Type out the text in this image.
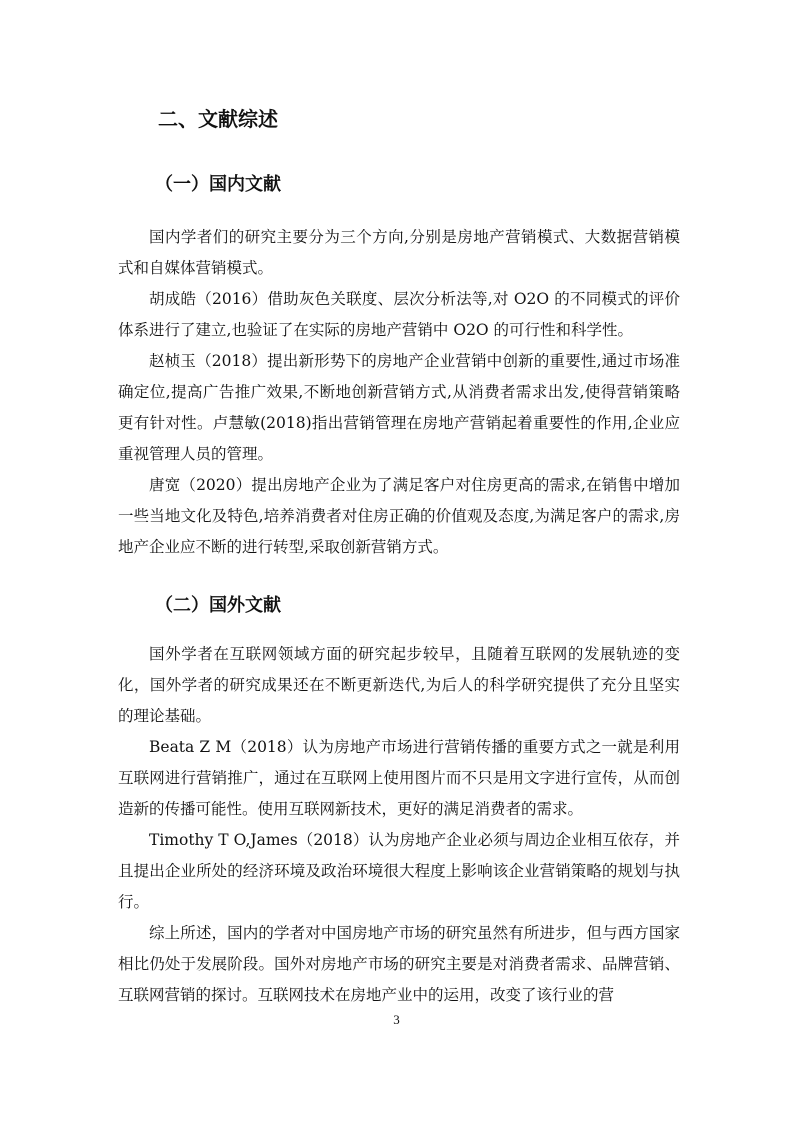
二、文献综述
（一）国内文献

国内学者们的研究主要分为三个方向,分别是房地产营销模式、大数据营销模式和自媒体营销模式。

胡成皓（2016）借助灰色关联度、层次分析法等,对 O2O 的不同模式的评价体系进行了建立,也验证了在实际的房地产营销中 O2O 的可行性和科学性。

赵桢玉（2018）提出新形势下的房地产企业营销中创新的重要性,通过市场准确定位,提高广告推广效果,不断地创新营销方式,从消费者需求出发,使得营销策略更有针对性。卢慧敏(2018)指出营销管理在房地产营销起着重要性的作用,企业应重视管理人员的管理。

唐宽（2020）提出房地产企业为了满足客户对住房更高的需求,在销售中增加一些当地文化及特色,培养消费者对住房正确的价值观及态度,为满足客户的需求,房地产企业应不断的进行转型,采取创新营销方式。

（二）国外文献

国外学者在互联网领域方面的研究起步较早，且随着互联网的发展轨迹的变化，国外学者的研究成果还在不断更新迭代,为后人的科学研究提供了充分且坚实的理论基础。

Beata Z M（2018）认为房地产市场进行营销传播的重要方式之一就是利用互联网进行营销推广，通过在互联网上使用图片而不只是用文字进行宣传，从而创造新的传播可能性。使用互联网新技术，更好的满足消费者的需求。

Timothy T O,James（2018）认为房地产企业必须与周边企业相互依存，并且提出企业所处的经济环境及政治环境很大程度上影响该企业营销策略的规划与执行。

综上所述，国内的学者对中国房地产市场的研究虽然有所进步，但与西方国家相比仍处于发展阶段。国外对房地产市场的研究主要是对消费者需求、品牌营销、互联网营销的探讨。互联网技术在房地产业中的运用，改变了该行业的营

3
